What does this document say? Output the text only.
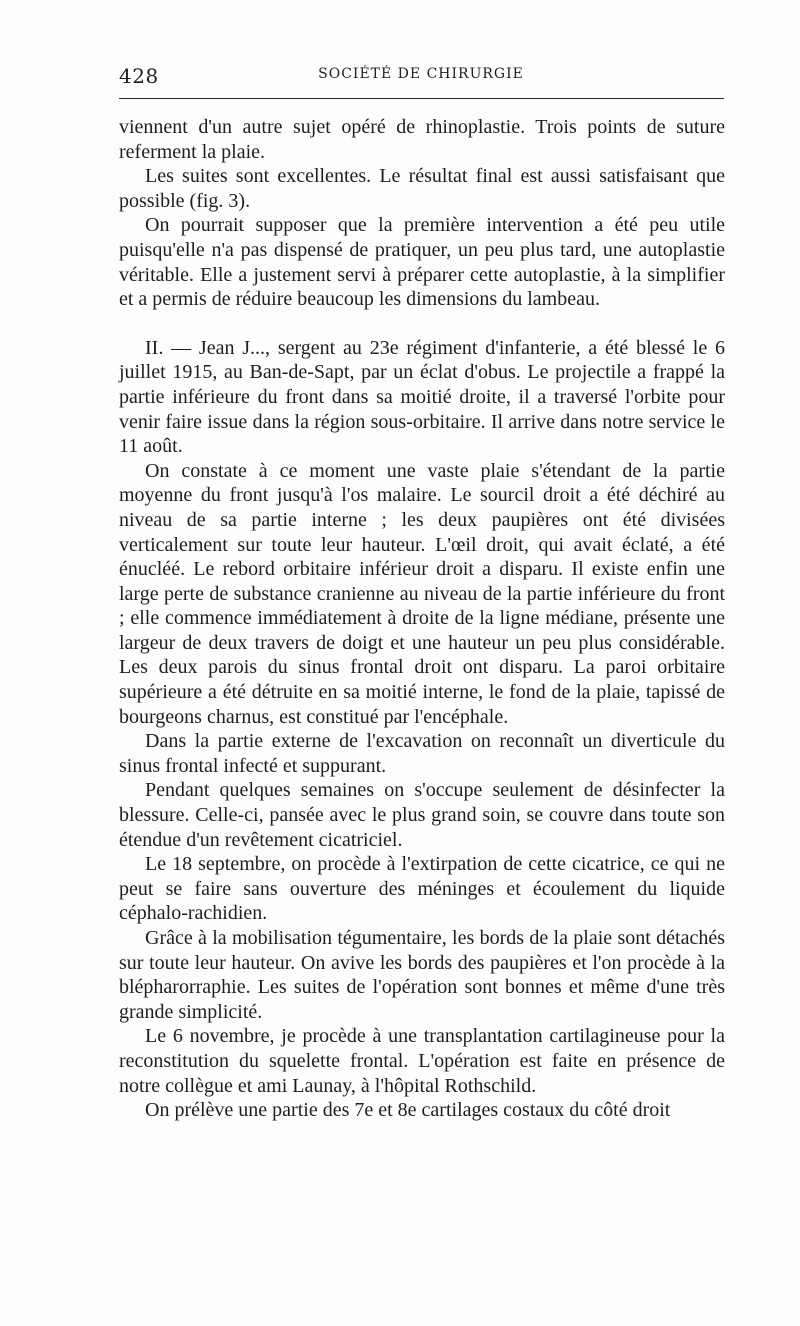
428	SOCIÉTÉ DE CHIRURGIE

viennent d'un autre sujet opéré de rhinoplastie. Trois points de suture referment la plaie.

Les suites sont excellentes. Le résultat final est aussi satisfaisant que possible (fig. 3).

On pourrait supposer que la première intervention a été peu utile puisqu'elle n'a pas dispensé de pratiquer, un peu plus tard, une autoplastie véritable. Elle a justement servi à préparer cette autoplastie, à la simplifier et a permis de réduire beaucoup les dimensions du lambeau.

II. — Jean J..., sergent au 23e régiment d'infanterie, a été blessé le 6 juillet 1915, au Ban-de-Sapt, par un éclat d'obus. Le projectile a frappé la partie inférieure du front dans sa moitié droite, il a traversé l'orbite pour venir faire issue dans la région sous-orbitaire. Il arrive dans notre service le 11 août.

On constate à ce moment une vaste plaie s'étendant de la partie moyenne du front jusqu'à l'os malaire. Le sourcil droit a été déchiré au niveau de sa partie interne ; les deux paupières ont été divisées verticalement sur toute leur hauteur. L'œil droit, qui avait éclaté, a été énucléé. Le rebord orbitaire inférieur droit a disparu. Il existe enfin une large perte de substance cranienne au niveau de la partie inférieure du front ; elle commence immédiatement à droite de la ligne médiane, présente une largeur de deux travers de doigt et une hauteur un peu plus considérable. Les deux parois du sinus frontal droit ont disparu. La paroi orbitaire supérieure a été détruite en sa moitié interne, le fond de la plaie, tapissé de bourgeons charnus, est constitué par l'encéphale.

Dans la partie externe de l'excavation on reconnaît un diverticule du sinus frontal infecté et suppurant.

Pendant quelques semaines on s'occupe seulement de désinfecter la blessure. Celle-ci, pansée avec le plus grand soin, se couvre dans toute son étendue d'un revêtement cicatriciel.

Le 18 septembre, on procède à l'extirpation de cette cicatrice, ce qui ne peut se faire sans ouverture des méninges et écoulement du liquide céphalo-rachidien.

Grâce à la mobilisation tégumentaire, les bords de la plaie sont détachés sur toute leur hauteur. On avive les bords des paupières et l'on procède à la blépharorraphie. Les suites de l'opération sont bonnes et même d'une très grande simplicité.

Le 6 novembre, je procède à une transplantation cartilagineuse pour la reconstitution du squelette frontal. L'opération est faite en présence de notre collègue et ami Launay, à l'hôpital Rothschild.

On prélève une partie des 7e et 8e cartilages costaux du côté droit
